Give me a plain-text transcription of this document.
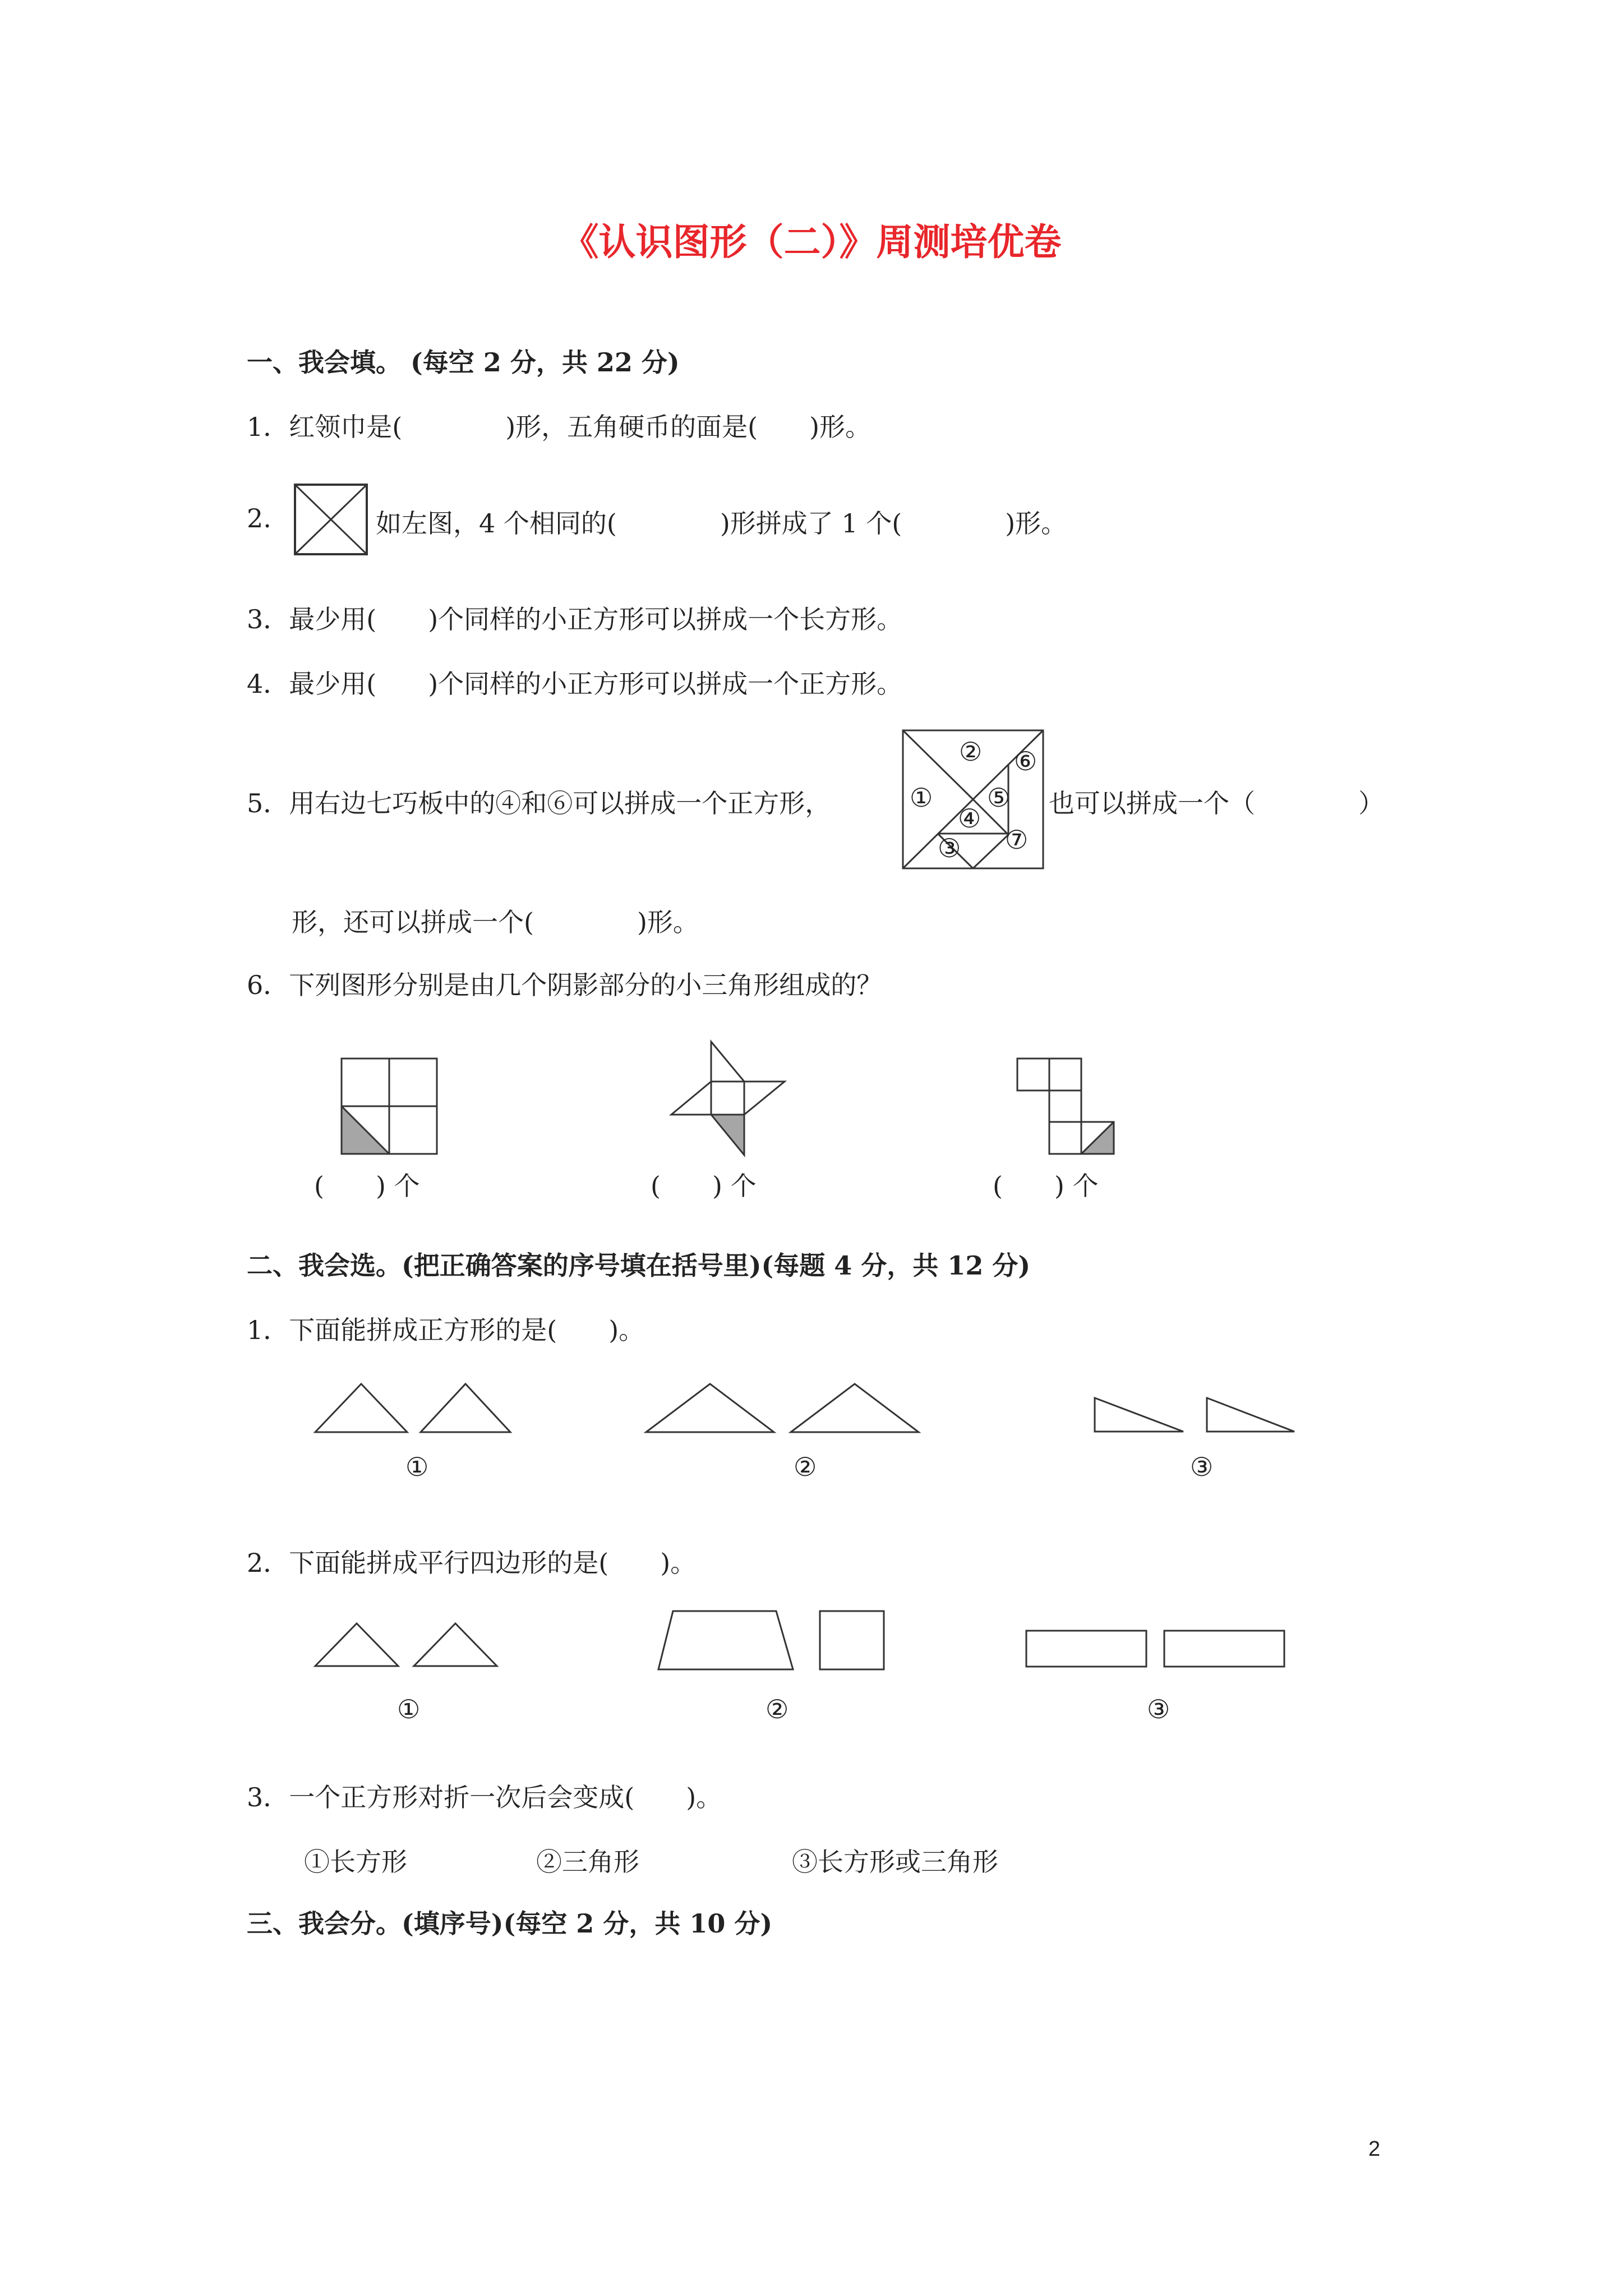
《认识图形（二）》周测培优卷
一、我会填。 (每空 2 分，共 22 分)
1．红领巾是(　　　　)形，五角硬币的面是(　　)形。
2.	如左图，4 个相同的(　　　　)形拼成了 1 个(　　　　)形。
3．最少用(　　)个同样的小正方形可以拼成一个长方形。
4．最少用(　　)个同样的小正方形可以拼成一个正方形。
5．用右边七巧板中的④和⑥可以拼成一个正方形，	①
②
③
④
⑤
⑥
⑦
也可以拼成一个（　　　　）
形，还可以拼成一个(　　　　)形。
6．下列图形分别是由几个阴影部分的小三角形组成的？
(　　) 个	(　　) 个	(　　) 个
二、我会选。(把正确答案的序号填在括号里)(每题 4 分，共 12 分)
1．下面能拼成正方形的是(　　)。
①	②	③
2．下面能拼成平行四边形的是(　　)。
①	②	③
3．一个正方形对折一次后会变成(　　)。
①长方形	②三角形	③长方形或三角形
三、我会分。(填序号)(每空 2 分，共 10 分)
2
